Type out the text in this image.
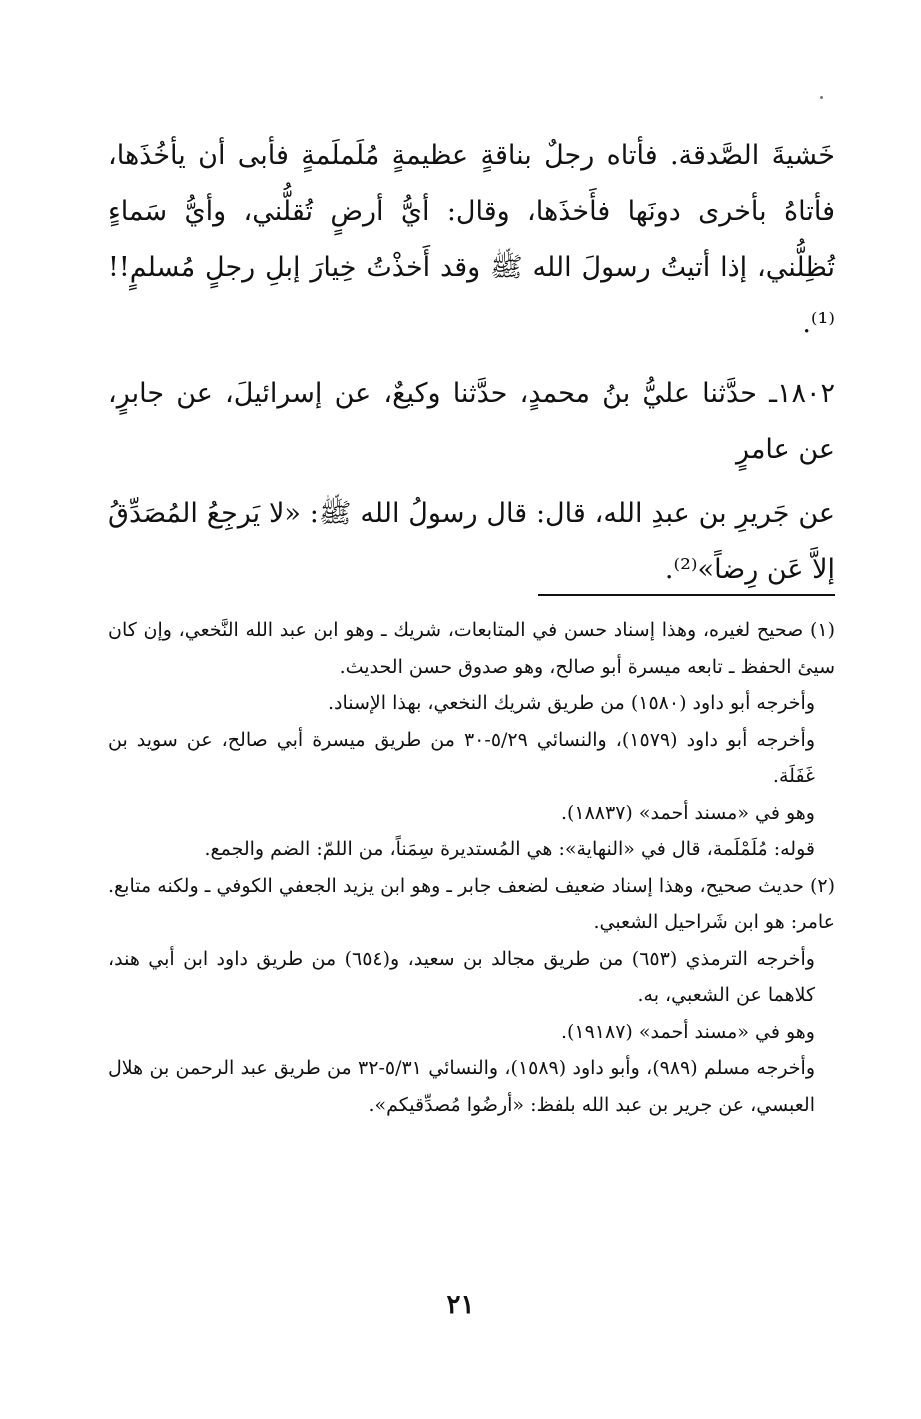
خَشيةَ الصَّدقة. فأتاه رجلٌ بناقةٍ عظيمةٍ مُلَملَمةٍ فأبى أن يأخُذَها، فأتاهُ بأخرى دونَها فأَخذَها، وقال: أيُّ أرضٍ تُقلُّني، وأيُّ سَماءٍ تُظِلُّني، إذا أتيتُ رسولَ الله ﷺ وقد أَخذْتُ خِيارَ إبلِ رجلٍ مُسلمٍ!!⁽¹⁾.

١٨٠٢ـ حدَّثنا عليُّ بنُ محمدٍ، حدَّثنا وكيعٌ، عن إسرائيلَ، عن جابرٍ، عن عامرٍ

عن جَريرِ بن عبدِ الله، قال: قال رسولُ الله ﷺ: «لا يَرجِعُ المُصَدِّقُ إلاَّ عَن رِضاً»⁽²⁾.

(١) صحيح لغيره، وهذا إسناد حسن في المتابعات، شريك ـ وهو ابن عبد الله النَّخعي، وإن كان سيئ الحفظ ـ تابعه ميسرة أبو صالح، وهو صدوق حسن الحديث.

وأخرجه أبو داود (١٥٨٠) من طريق شريك النخعي، بهذا الإسناد.

وأخرجه أبو داود (١٥٧٩)، والنسائي ٥/٢٩-٣٠ من طريق ميسرة أبي صالح، عن سويد بن غَفَلَة.

وهو في «مسند أحمد» (١٨٨٣٧).

قوله: مُلَمْلَمة، قال في «النهاية»: هي المُستديرة سِمَناً، من اللمّ: الضم والجمع.

(٢) حديث صحيح، وهذا إسناد ضعيف لضعف جابر ـ وهو ابن يزيد الجعفي الكوفي ـ ولكنه متابع. عامر: هو ابن شَراحيل الشعبي.

وأخرجه الترمذي (٦٥٣) من طريق مجالد بن سعيد، و(٦٥٤) من طريق داود ابن أبي هند، كلاهما عن الشعبي، به.

وهو في «مسند أحمد» (١٩١٨٧).

وأخرجه مسلم (٩٨٩)، وأبو داود (١٥٨٩)، والنسائي ٥/٣١-٣٢ من طريق عبد الرحمن بن هلال العبسي، عن جرير بن عبد الله بلفظ: «أرضُوا مُصدِّقيكم».

٢١
